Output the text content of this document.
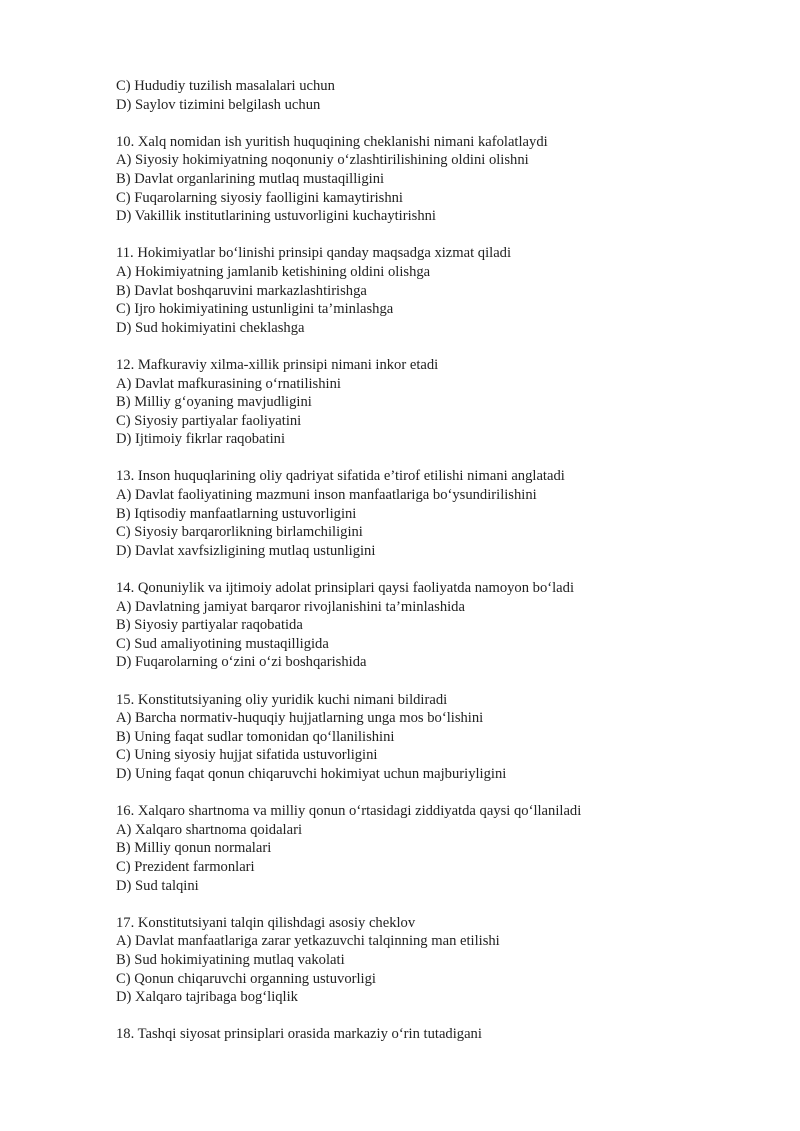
C) Hududiy tuzilish masalalari uchun

D) Saylov tizimini belgilash uchun

10. Xalq nomidan ish yuritish huquqining cheklanishi nimani kafolatlaydi

A) Siyosiy hokimiyatning noqonuniy o‘zlashtirilishining oldini olishni

B) Davlat organlarining mutlaq mustaqilligini

C) Fuqarolarning siyosiy faolligini kamaytirishni

D) Vakillik institutlarining ustuvorligini kuchaytirishni

11. Hokimiyatlar bo‘linishi prinsipi qanday maqsadga xizmat qiladi

A) Hokimiyatning jamlanib ketishining oldini olishga

B) Davlat boshqaruvini markazlashtirishga

C) Ijro hokimiyatining ustunligini ta’minlashga

D) Sud hokimiyatini cheklashga

12. Mafkuraviy xilma-xillik prinsipi nimani inkor etadi

A) Davlat mafkurasining o‘rnatilishini

B) Milliy g‘oyaning mavjudligini

C) Siyosiy partiyalar faoliyatini

D) Ijtimoiy fikrlar raqobatini

13. Inson huquqlarining oliy qadriyat sifatida e’tirof etilishi nimani anglatadi

A) Davlat faoliyatining mazmuni inson manfaatlariga bo‘ysundirilishini

B) Iqtisodiy manfaatlarning ustuvorligini

C) Siyosiy barqarorlikning birlamchiligini

D) Davlat xavfsizligining mutlaq ustunligini

14. Qonuniylik va ijtimoiy adolat prinsiplari qaysi faoliyatda namoyon bo‘ladi

A) Davlatning jamiyat barqaror rivojlanishini ta’minlashida

B) Siyosiy partiyalar raqobatida

C) Sud amaliyotining mustaqilligida

D) Fuqarolarning o‘zini o‘zi boshqarishida

15. Konstitutsiyaning oliy yuridik kuchi nimani bildiradi

A) Barcha normativ-huquqiy hujjatlarning unga mos bo‘lishini

B) Uning faqat sudlar tomonidan qo‘llanilishini

C) Uning siyosiy hujjat sifatida ustuvorligini

D) Uning faqat qonun chiqaruvchi hokimiyat uchun majburiyligini

16. Xalqaro shartnoma va milliy qonun o‘rtasidagi ziddiyatda qaysi qo‘llaniladi

A) Xalqaro shartnoma qoidalari

B) Milliy qonun normalari

C) Prezident farmonlari

D) Sud talqini

17. Konstitutsiyani talqin qilishdagi asosiy cheklov

A) Davlat manfaatlariga zarar yetkazuvchi talqinning man etilishi

B) Sud hokimiyatining mutlaq vakolati

C) Qonun chiqaruvchi organning ustuvorligi

D) Xalqaro tajribaga bog‘liqlik

18. Tashqi siyosat prinsiplari orasida markaziy o‘rin tutadigani
